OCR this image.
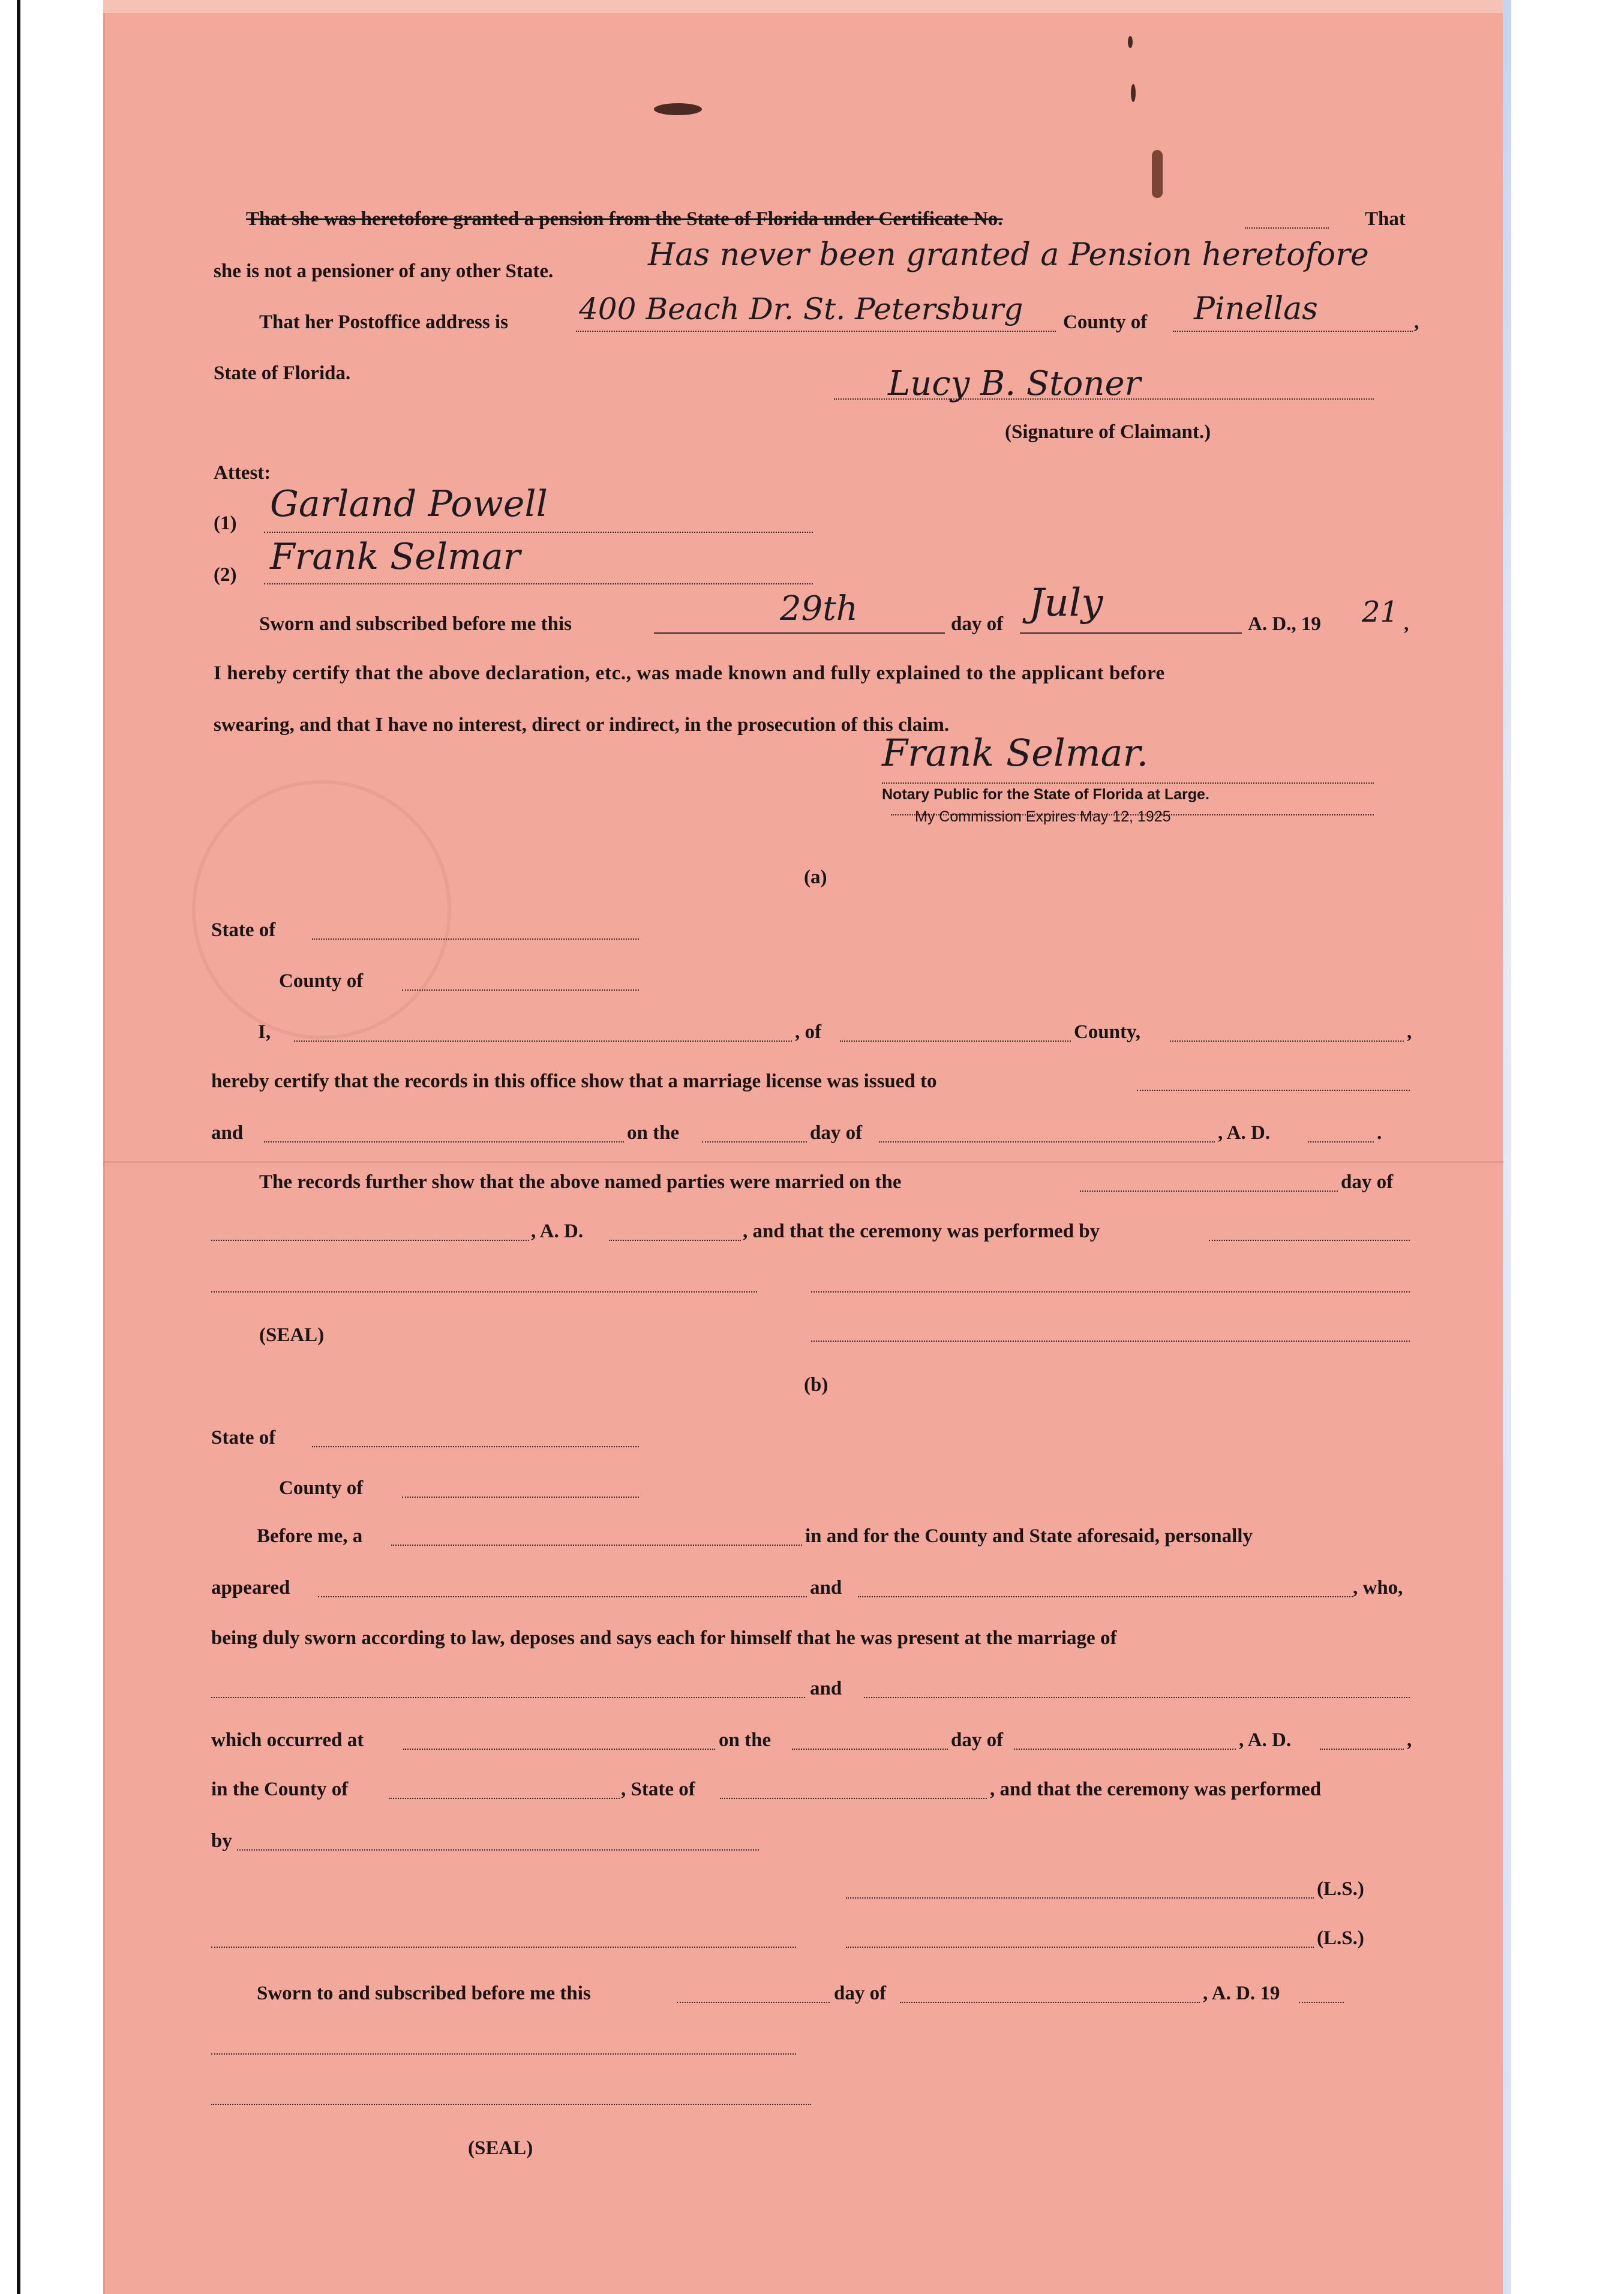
That she was heretofore granted a pension from the State of Florida under Certificate No.	That
she is not a pensioner of any other State.	Has never been granted a Pension heretofore
That her Postoffice address is 400 Beach Dr. St. Petersburg County of Pinellas	,
State of Florida.	Lucy B. Stoner
(Signature of Claimant.)
Attest:
(1) Garland Powell
(2) Frank Selmar
Sworn and subscribed before me this	29th	day of July	A. D., 19 21 ,
I hereby certify that the above declaration, etc., was made known and fully explained to the applicant before
swearing, and that I have no interest, direct or indirect, in the prosecution of this claim.
Frank Selmar.
Notary Public for the State of Florida at Large.
My Commission Expires May 12, 1925
(a)
State of
County of
I,	, of	County,	,
hereby certify that the records in this office show that a marriage license was issued to
and	on the	day of	, A. D.	.
The records further show that the above named parties were married on the	day of
, A. D.	, and that the ceremony was performed by
(SEAL)
(b)
State of
County of
Before me, a	in and for the County and State aforesaid, personally
appeared	and	, who,
being duly sworn according to law, deposes and says each for himself that he was present at the marriage of
and
which occurred at	on the	day of	, A. D.	,
in the County of	, State of	, and that the ceremony was performed
by
(L.S.)
(L.S.)
Sworn to and subscribed before me this	day of	, A. D. 19
(SEAL)
